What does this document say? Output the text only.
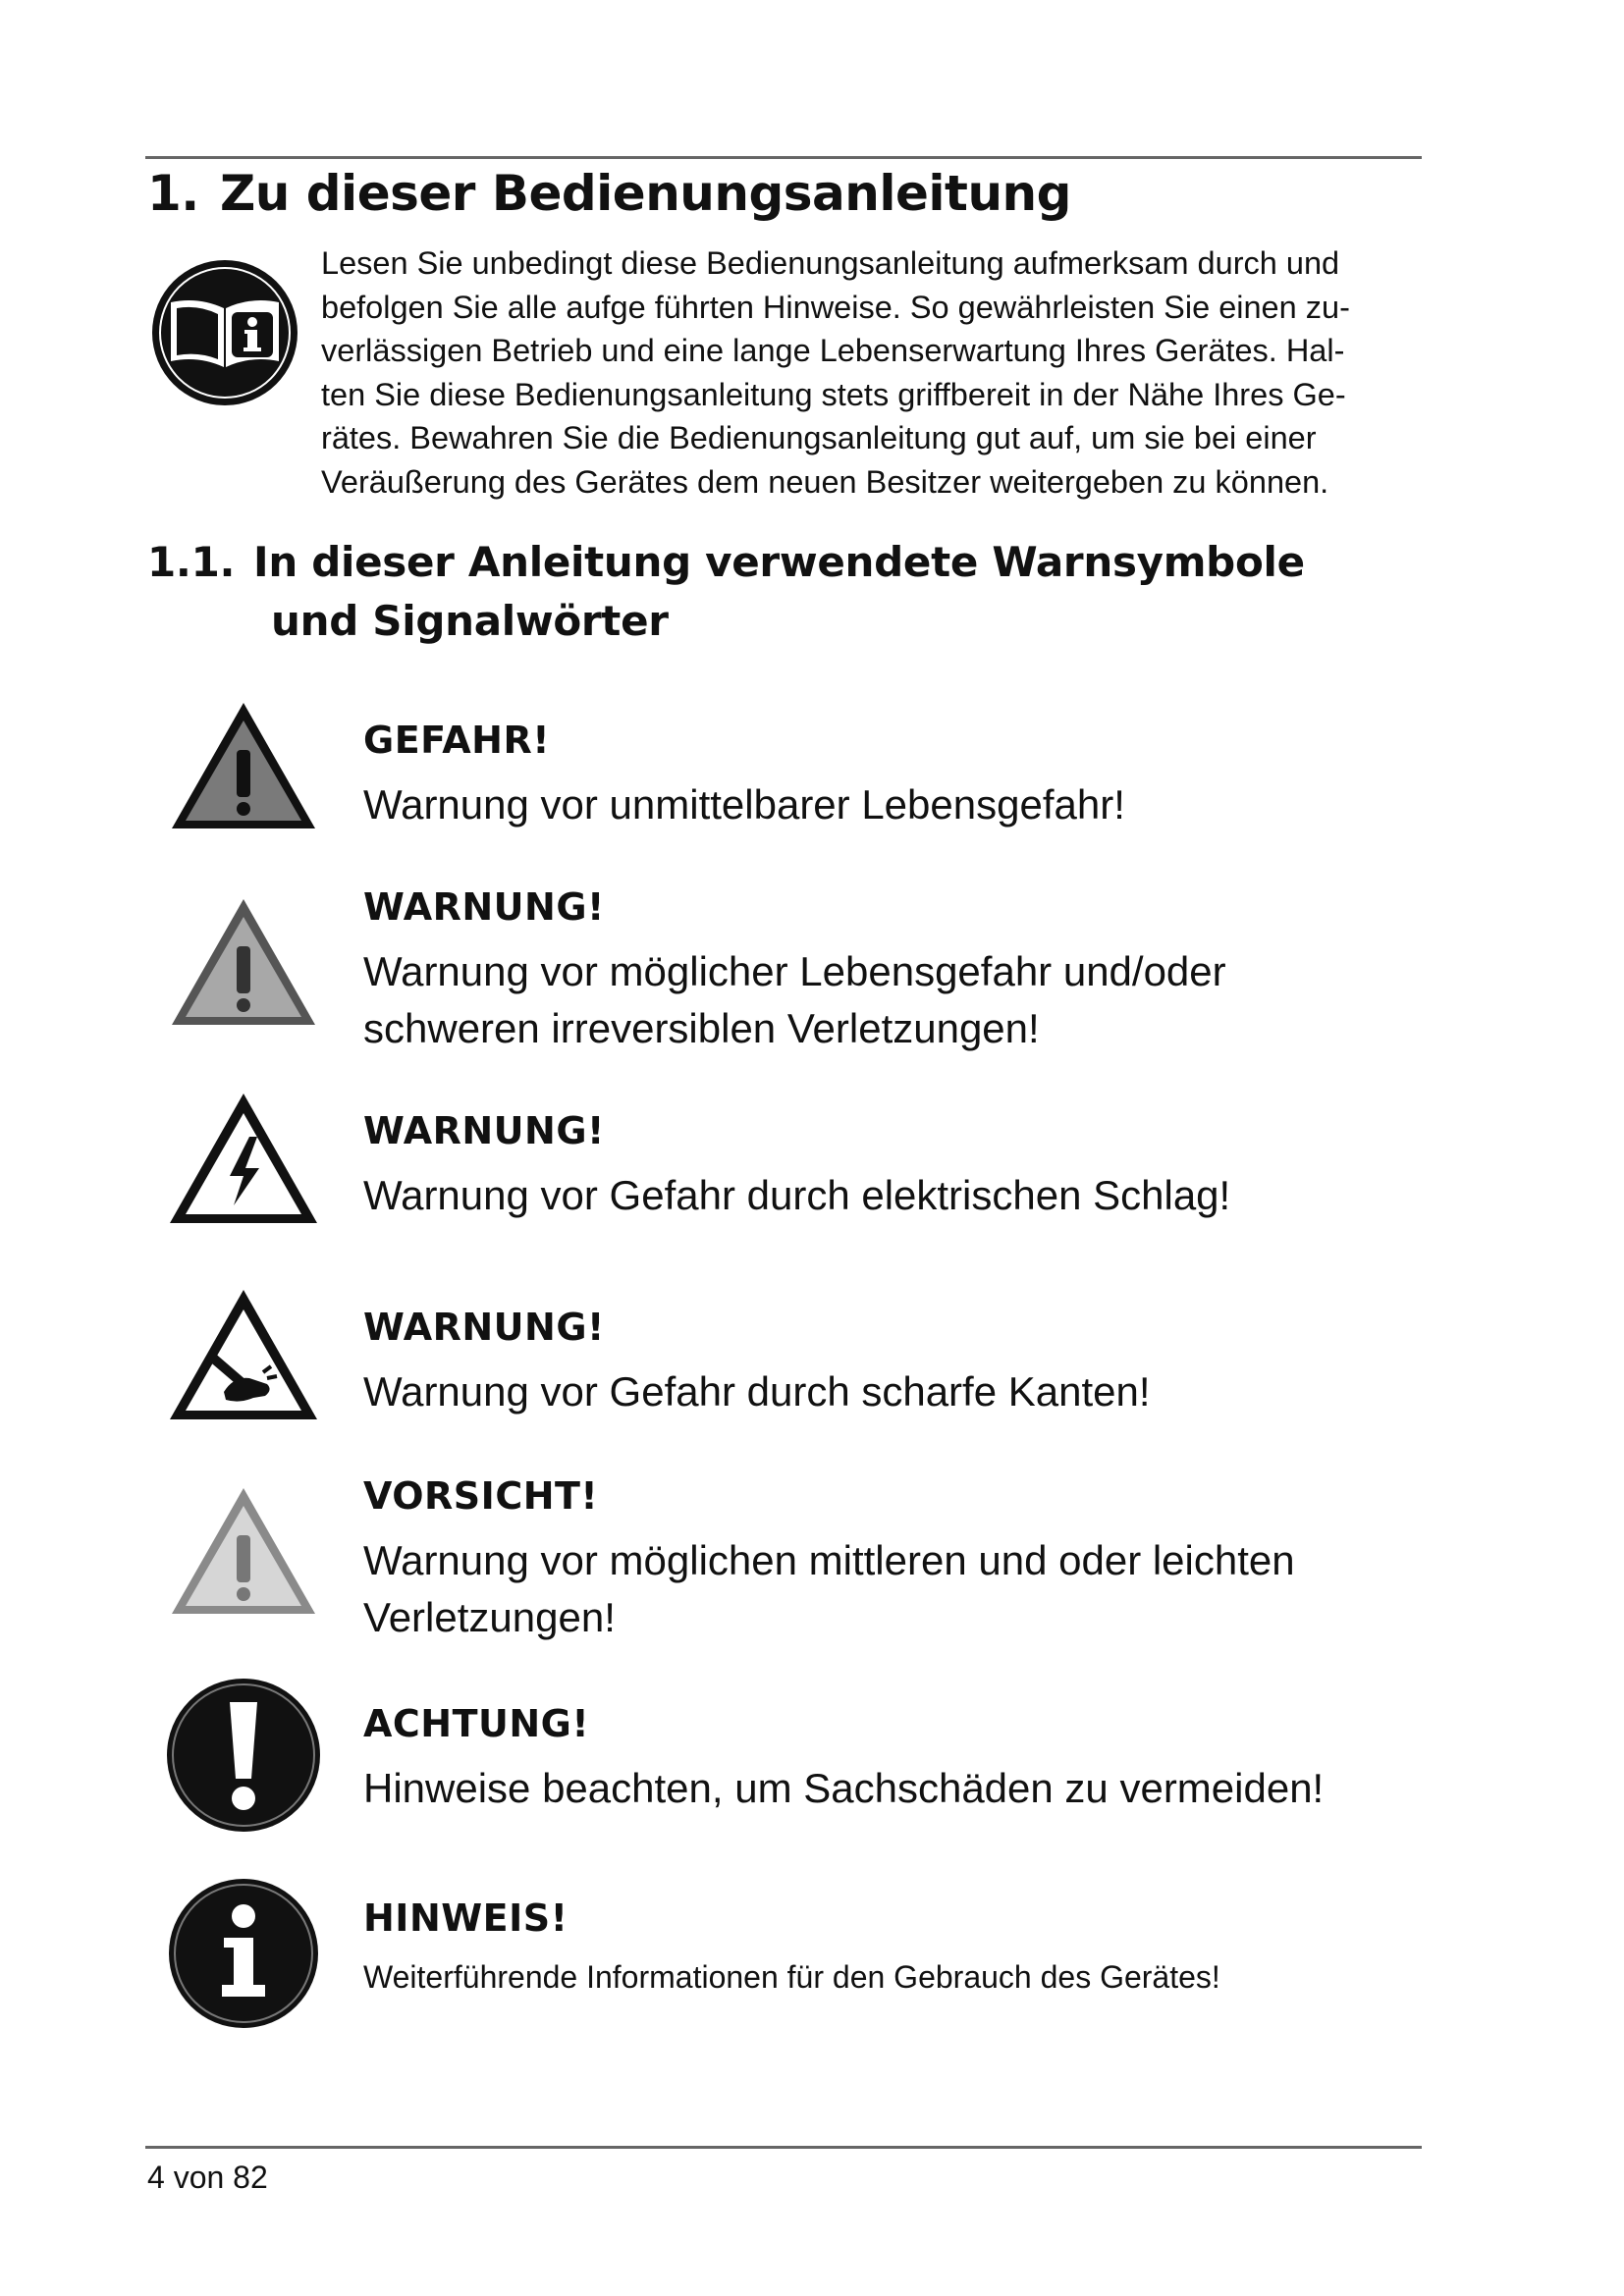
1. Zu dieser Bedienungsanleitung

Lesen Sie unbedingt diese Bedienungsanleitung aufmerksam durch und
befolgen Sie alle aufge führten Hinweise. So gewährleisten Sie einen zu-
verlässigen Betrieb und eine lange Lebenserwartung Ihres Gerätes. Hal-
ten Sie diese Bedienungsanleitung stets griffbereit in der Nähe Ihres Ge-
rätes. Bewahren Sie die Bedienungsanleitung gut auf, um sie bei einer
Veräußerung des Gerätes dem neuen Besitzer weitergeben zu können.

1.1. In dieser Anleitung verwendete Warnsymbole
und Signalwörter
GEFAHR!
Warnung vor unmittelbarer Lebensgefahr!
WARNUNG!
Warnung vor möglicher Lebensgefahr und/oder
schweren irreversiblen Verletzungen!
WARNUNG!
Warnung vor Gefahr durch elektrischen Schlag!
WARNUNG!
Warnung vor Gefahr durch scharfe Kanten!
VORSICHT!
Warnung vor möglichen mittleren und oder leichten
Verletzungen!
ACHTUNG!
Hinweise beachten, um Sachschäden zu vermeiden!
HINWEIS!
Weiterführende Informationen für den Gebrauch des Gerätes!
4 von 82
